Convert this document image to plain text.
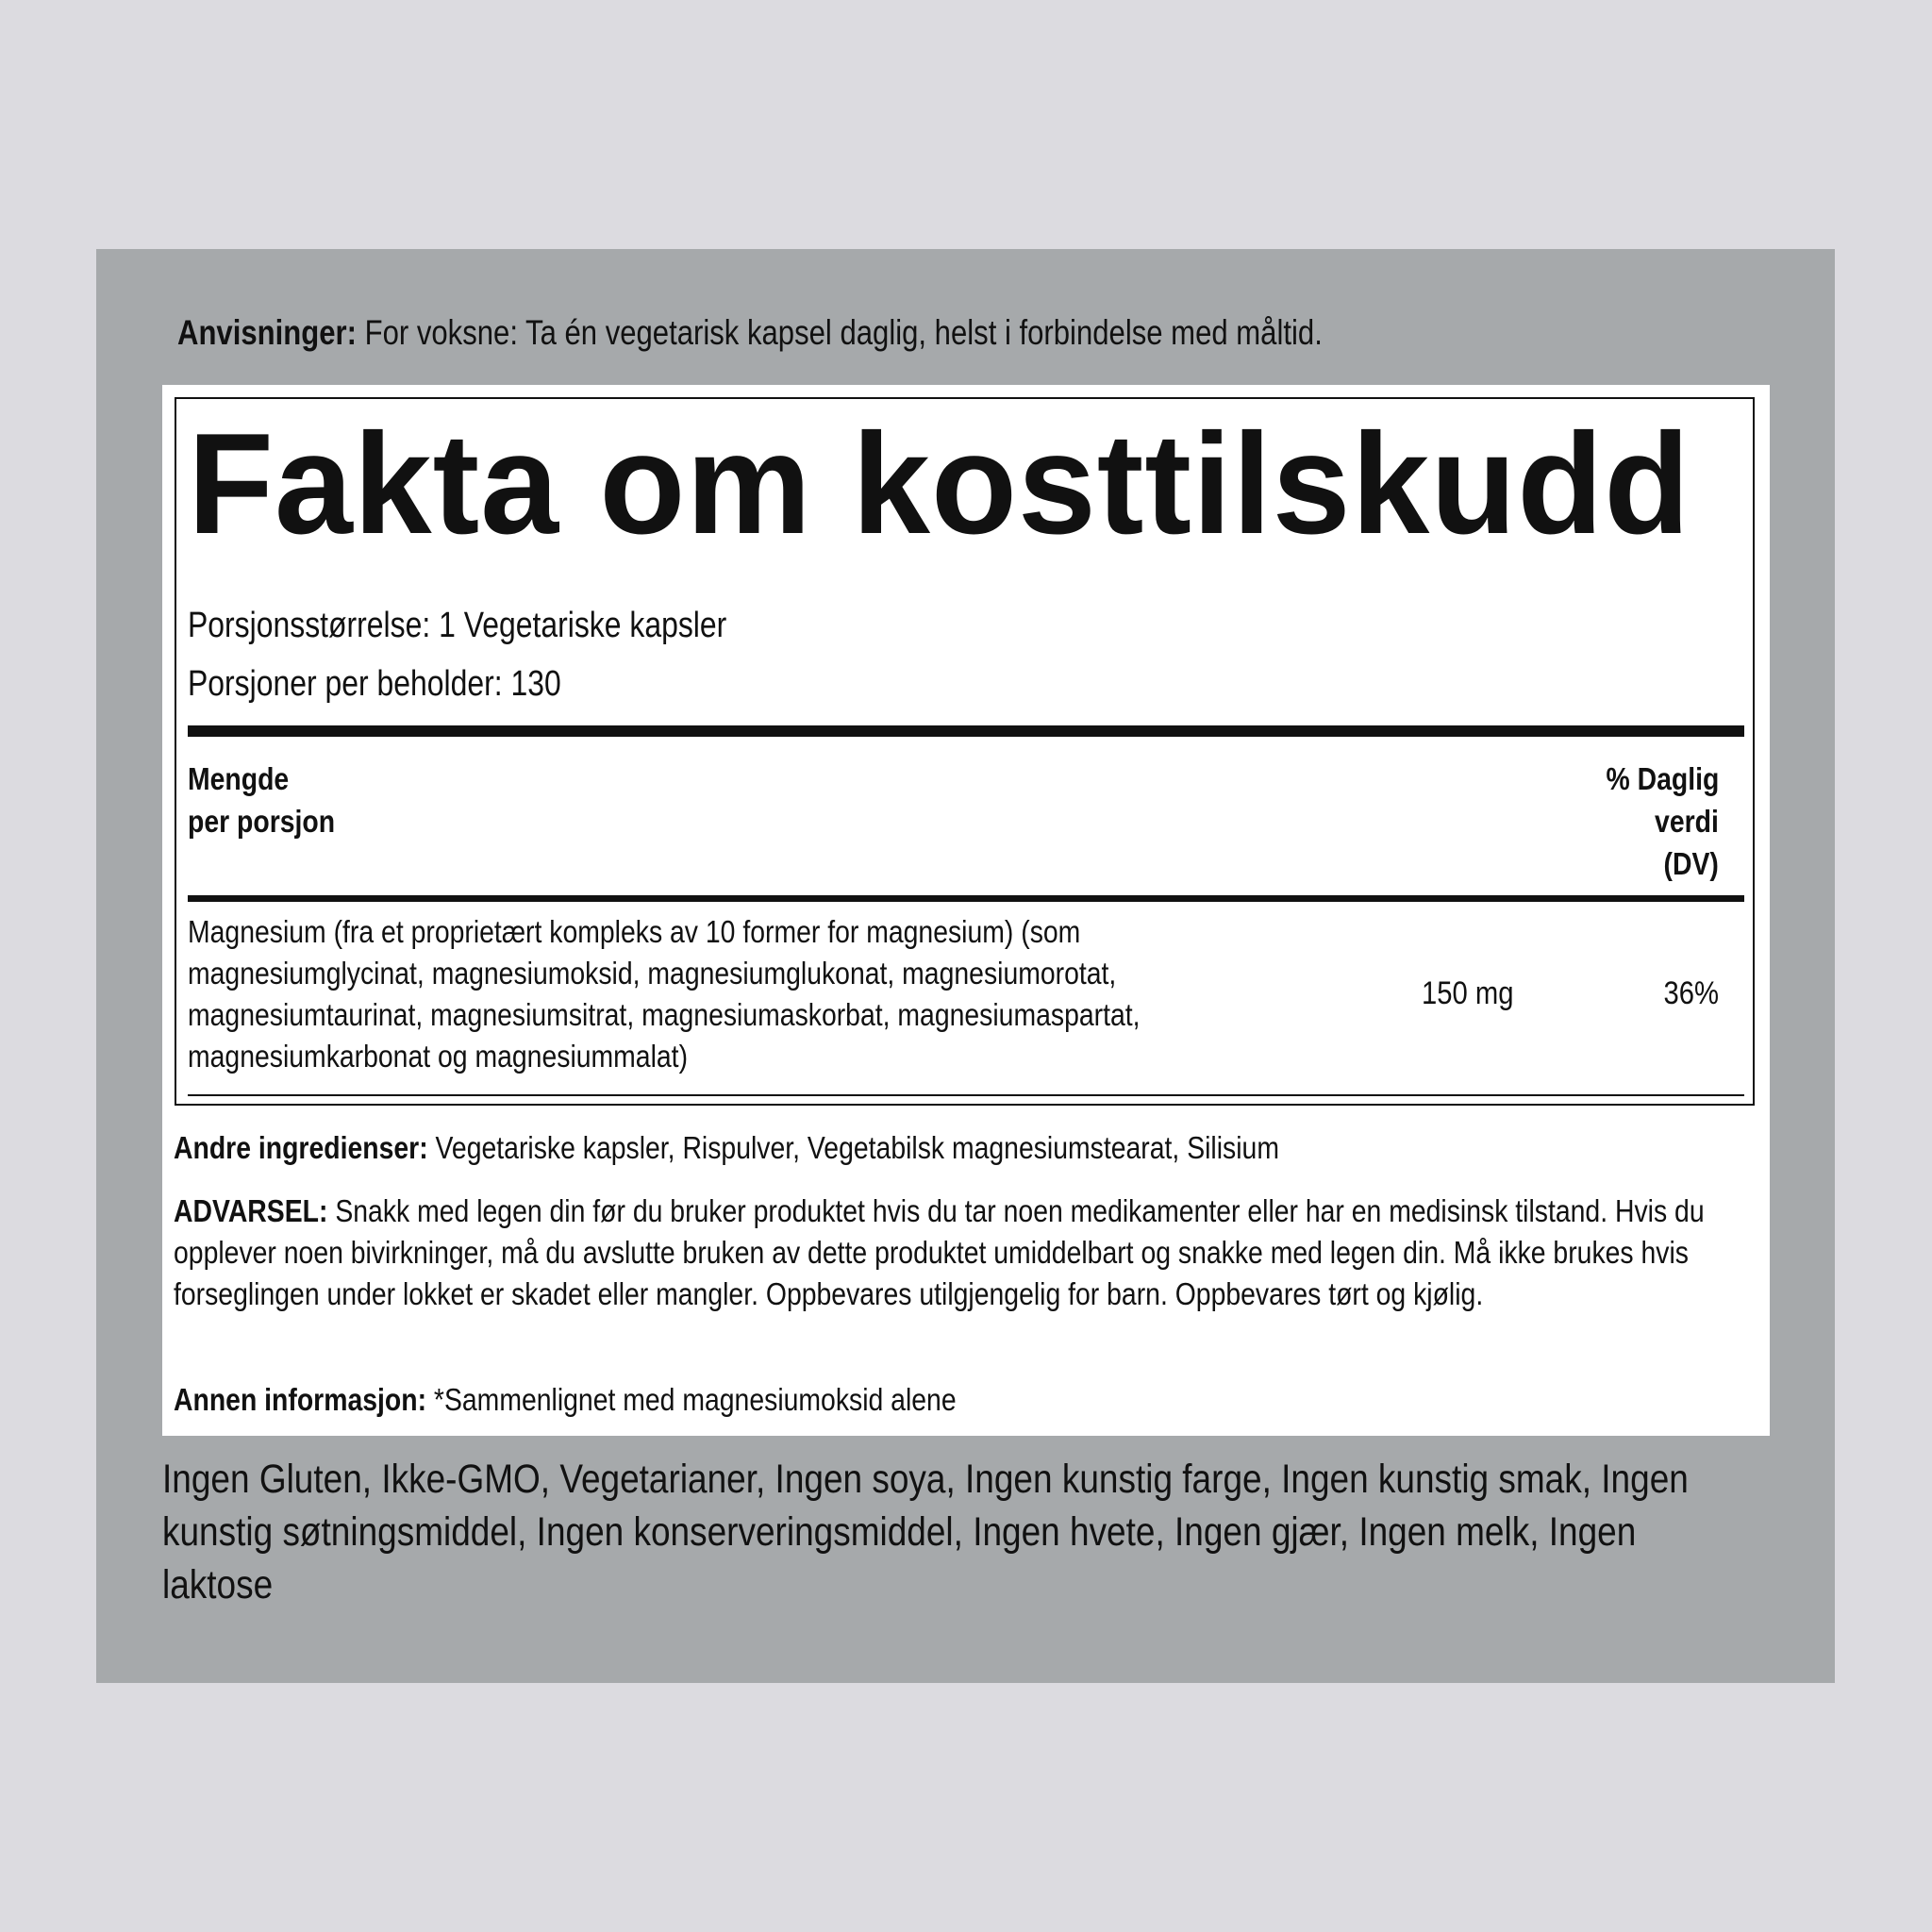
Anvisninger: For voksne: Ta én vegetarisk kapsel daglig, helst i forbindelse med måltid.
Fakta om kosttilskudd
Porsjonsstørrelse: 1 Vegetariske kapsler
Porsjoner per beholder: 130
Mengde
per porsjon
% Daglig
verdi
(DV)
Magnesium (fra et proprietært kompleks av 10 former for magnesium) (som magnesiumglycinat, magnesiumoksid, magnesiumglukonat, magnesiumorotat, magnesiumtaurinat, magnesiumsitrat, magnesiumaskorbat, magnesiumaspartat, magnesiumkarbonat og magnesiummalat)
150 mg	36%
Andre ingredienser: Vegetariske kapsler, Rispulver, Vegetabilsk magnesiumstearat, Silisium
ADVARSEL: Snakk med legen din før du bruker produktet hvis du tar noen medikamenter eller har en medisinsk tilstand. Hvis du opplever noen bivirkninger, må du avslutte bruken av dette produktet umiddelbart og snakke med legen din. Må ikke brukes hvis forseglingen under lokket er skadet eller mangler. Oppbevares utilgjengelig for barn. Oppbevares tørt og kjølig.
Annen informasjon: *Sammenlignet med magnesiumoksid alene
Ingen Gluten, Ikke-GMO, Vegetarianer, Ingen soya, Ingen kunstig farge, Ingen kunstig smak, Ingen kunstig søtningsmiddel, Ingen konserveringsmiddel, Ingen hvete, Ingen gjær, Ingen melk, Ingen laktose
